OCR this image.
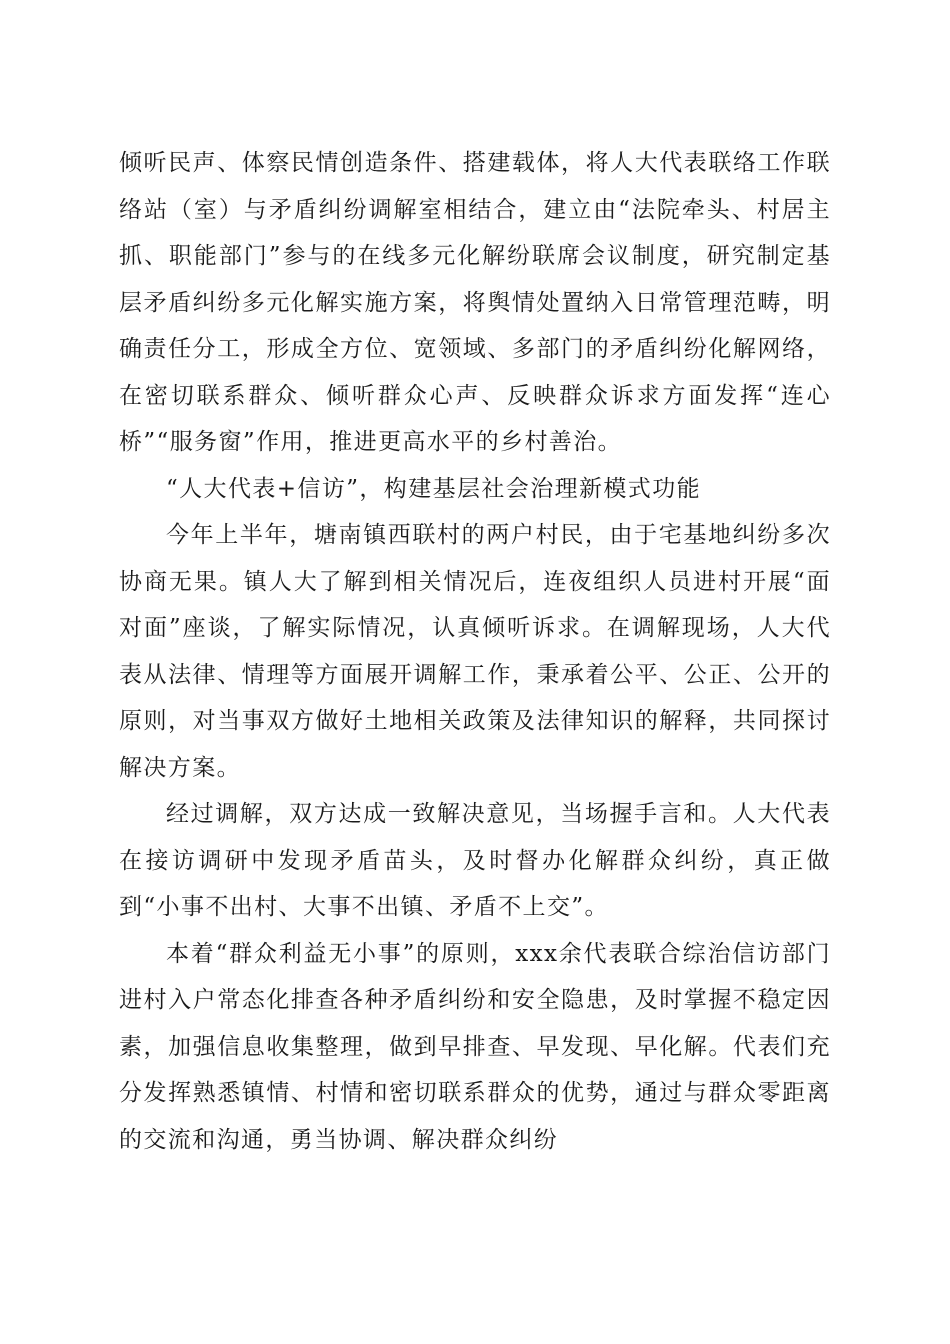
倾听民声、体察民情创造条件、搭建载体，将人大代表联络工作联络站（室）与矛盾纠纷调解室相结合，建立由“法院牵头、村居主抓、职能部门”参与的在线多元化解纷联席会议制度，研究制定基层矛盾纠纷多元化解实施方案，将舆情处置纳入日常管理范畴，明确责任分工，形成全方位、宽领域、多部门的矛盾纠纷化解网络，在密切联系群众、倾听群众心声、反映群众诉求方面发挥“连心桥”“服务窗”作用，推进更高水平的乡村善治。

“人大代表+信访”，构建基层社会治理新模式功能

今年上半年，塘南镇西联村的两户村民，由于宅基地纠纷多次协商无果。镇人大了解到相关情况后，连夜组织人员进村开展“面对面”座谈，了解实际情况，认真倾听诉求。在调解现场，人大代表从法律、情理等方面展开调解工作，秉承着公平、公正、公开的原则，对当事双方做好土地相关政策及法律知识的解释，共同探讨解决方案。

经过调解，双方达成一致解决意见，当场握手言和。人大代表在接访调研中发现矛盾苗头，及时督办化解群众纠纷，真正做到“小事不出村、大事不出镇、矛盾不上交”。

本着“群众利益无小事”的原则，xxx余代表联合综治信访部门进村入户常态化排查各种矛盾纠纷和安全隐患，及时掌握不稳定因素，加强信息收集整理，做到早排查、早发现、早化解。代表们充分发挥熟悉镇情、村情和密切联系群众的优势，通过与群众零距离的交流和沟通，勇当协调、解决群众纠纷
